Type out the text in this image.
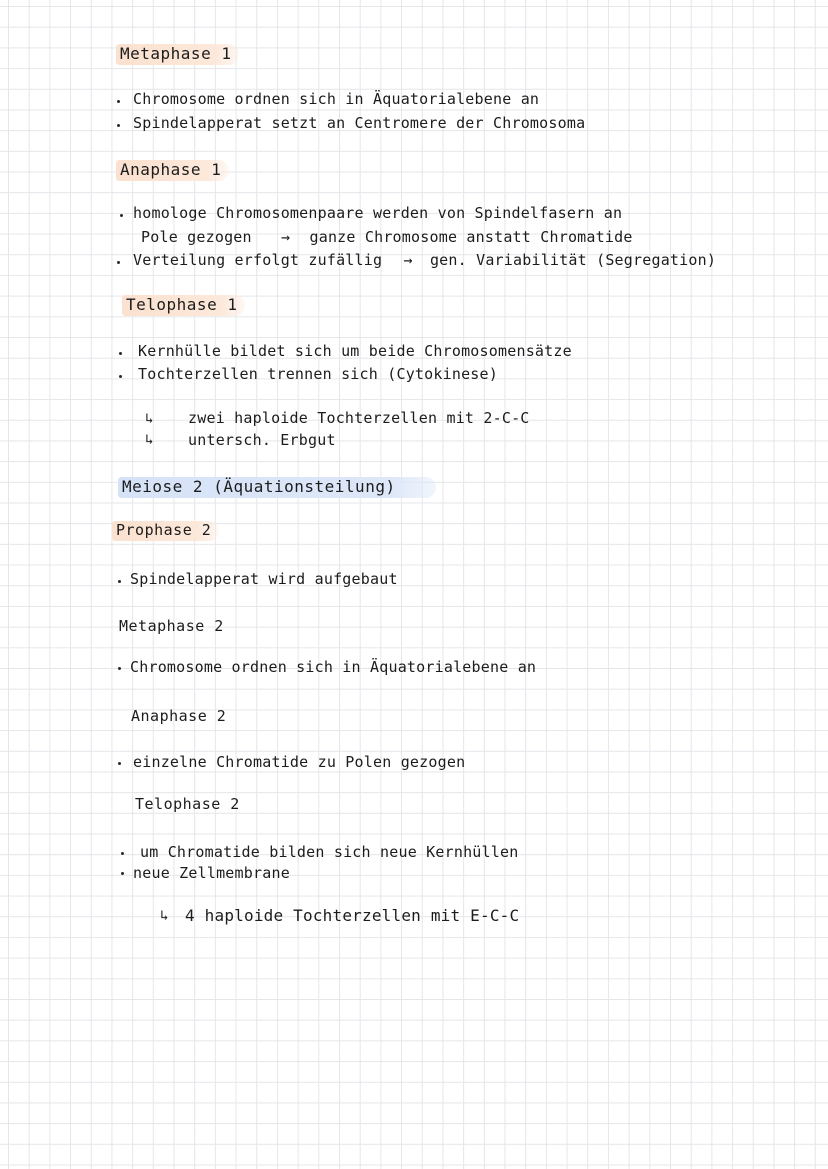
Metaphase 1
Chromosome ordnen sich in Äquatorialebene an
Spindelapperat setzt an Centromere der Chromosoma
Anaphase 1
homologe Chromosomenpaare werden von Spindelfasern an
Pole gezogen → ganze Chromosome anstatt Chromatide
Verteilung erfolgt zufällig → gen. Variabilität (Segregation)
Telophase 1
Kernhülle bildet sich um beide Chromosomensätze
Tochterzellen trennen sich (Cytokinese)
↳ zwei haploide Tochterzellen mit 2-C-C
↳ untersch. Erbgut
Meiose 2 (Äquationsteilung)
Prophase 2
Spindelapperat wird aufgebaut
Metaphase 2
Chromosome ordnen sich in Äquatorialebene an
Anaphase 2
einzelne Chromatide zu Polen gezogen
Telophase 2
um Chromatide bilden sich neue Kernhüllen
neue Zellmembrane
↳ 4 haploide Tochterzellen mit E-C-C
